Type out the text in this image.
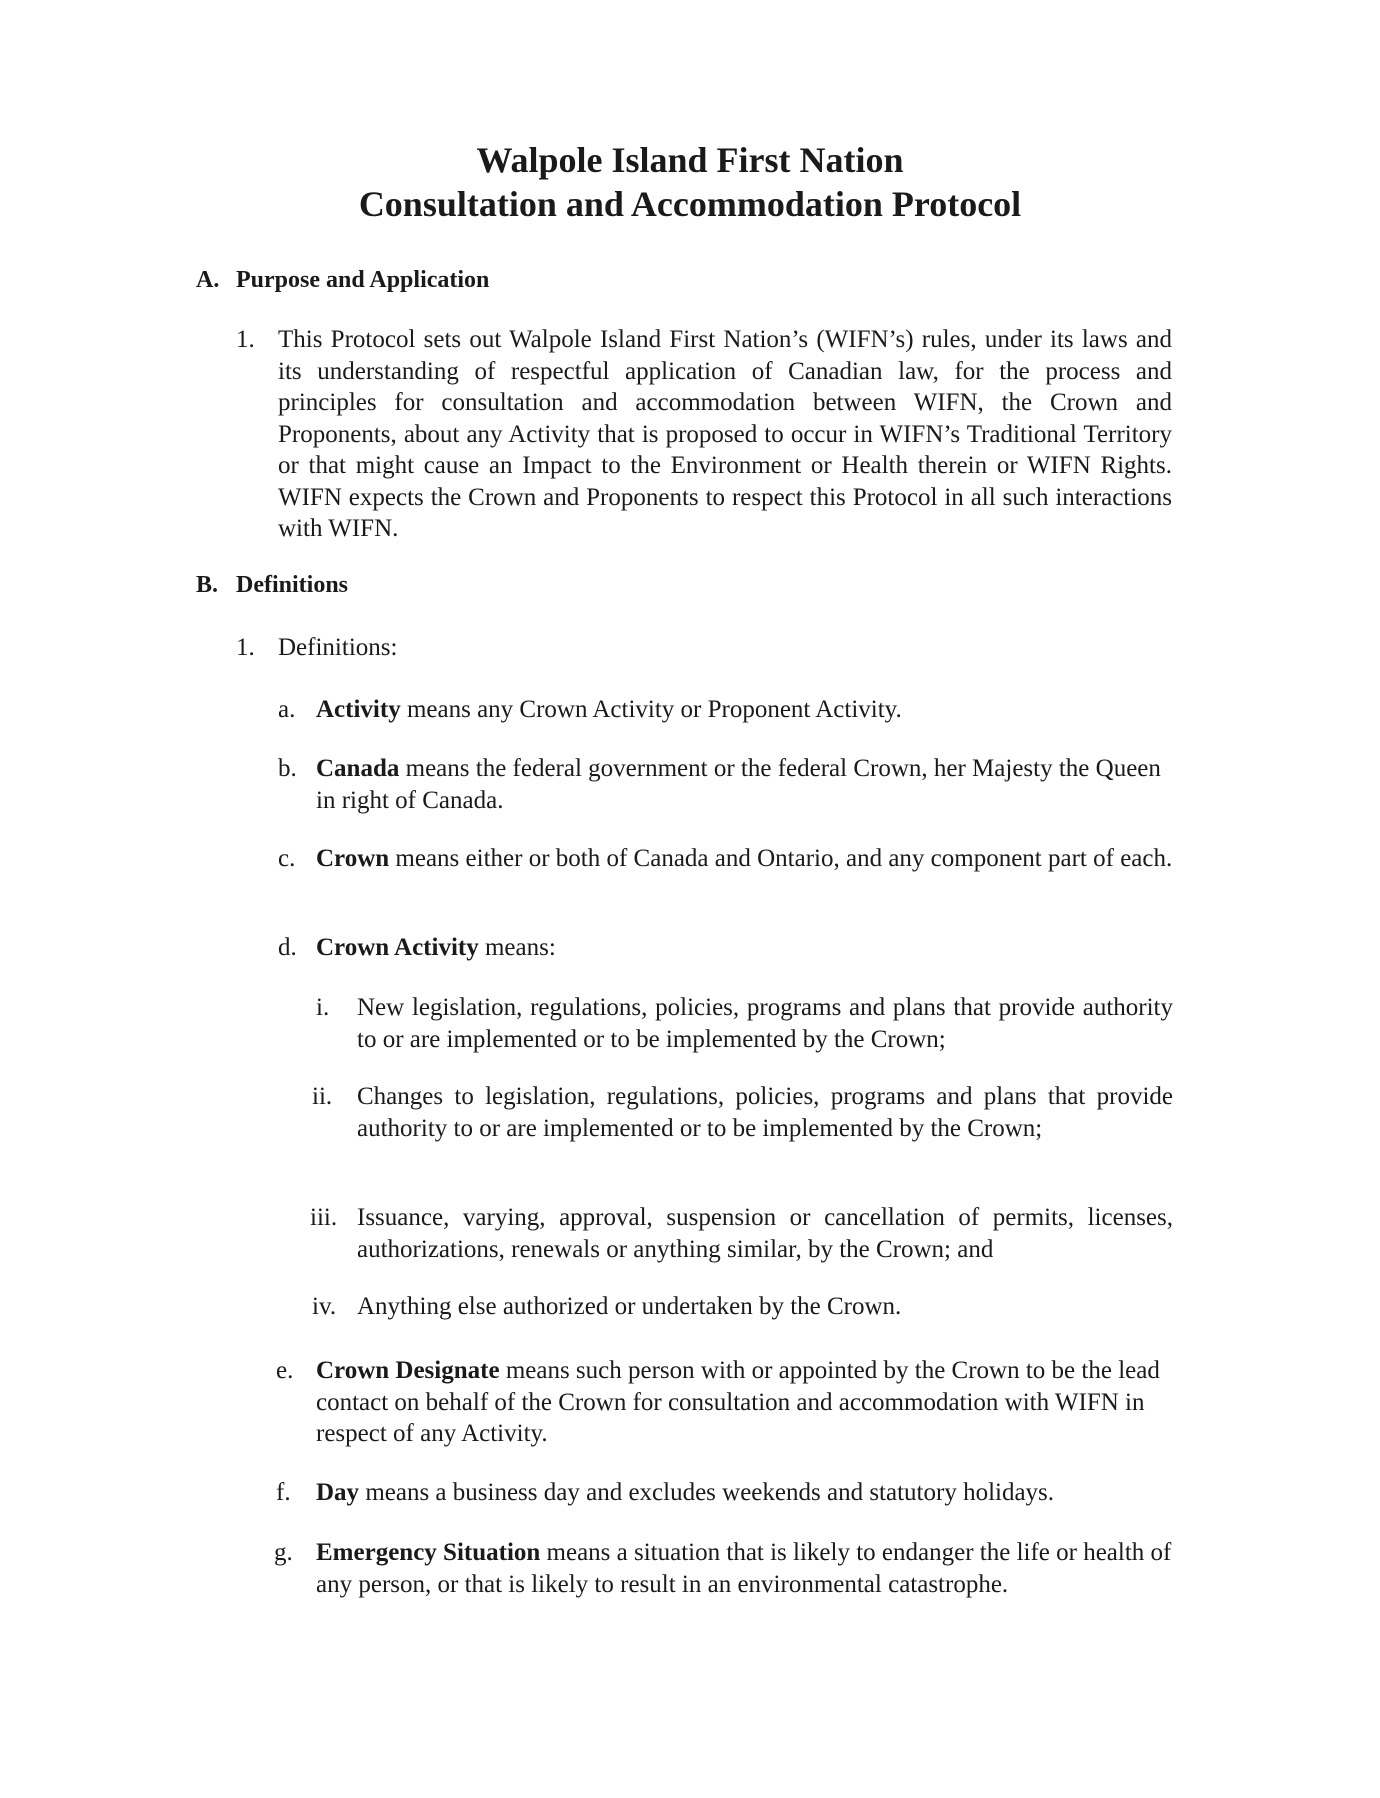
Walpole Island First Nation
Consultation and Accommodation Protocol
A. Purpose and Application
1. This Protocol sets out Walpole Island First Nation’s (WIFN’s) rules, under its laws and its understanding of respectful application of Canadian law, for the process and principles for consultation and accommodation between WIFN, the Crown and Proponents, about any Activity that is proposed to occur in WIFN’s Traditional Territory or that might cause an Impact to the Environment or Health therein or WIFN Rights. WIFN expects the Crown and Proponents to respect this Protocol in all such interactions with WIFN.
B. Definitions
1. Definitions:
a. Activity means any Crown Activity or Proponent Activity.
b. Canada means the federal government or the federal Crown, her Majesty the Queen in right of Canada.
c. Crown means either or both of Canada and Ontario, and any component part of each.
d. Crown Activity means:
i. New legislation, regulations, policies, programs and plans that provide authority to or are implemented or to be implemented by the Crown;
ii. Changes to legislation, regulations, policies, programs and plans that provide authority to or are implemented or to be implemented by the Crown;
iii. Issuance, varying, approval, suspension or cancellation of permits, licenses, authorizations, renewals or anything similar, by the Crown; and
iv. Anything else authorized or undertaken by the Crown.
e. Crown Designate means such person with or appointed by the Crown to be the lead contact on behalf of the Crown for consultation and accommodation with WIFN in respect of any Activity.
f. Day means a business day and excludes weekends and statutory holidays.
g. Emergency Situation means a situation that is likely to endanger the life or health of any person, or that is likely to result in an environmental catastrophe.
